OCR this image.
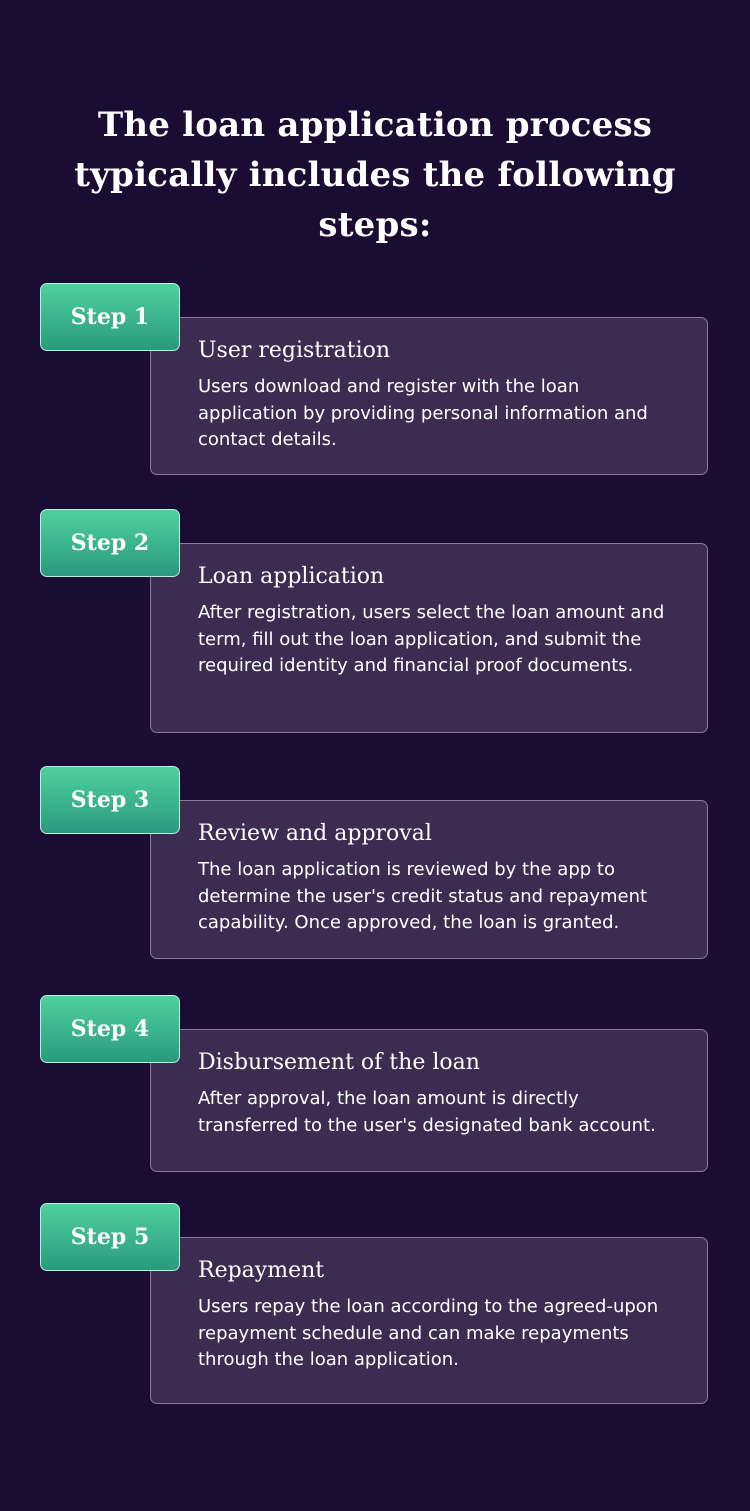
The loan application process typically includes the following steps:
Step 1
User registration

Users download and register with the loan application by providing personal information and contact details.

Step 2
Loan application

After registration, users select the loan amount and term, fill out the loan application, and submit the required identity and financial proof documents.

Step 3
Review and approval

The loan application is reviewed by the app to determine the user's credit status and repayment capability. Once approved, the loan is granted.

Step 4
Disbursement of the loan

After approval, the loan amount is directly transferred to the user's designated bank account.

Step 5
Repayment

Users repay the loan according to the agreed-upon repayment schedule and can make repayments through the loan application.
